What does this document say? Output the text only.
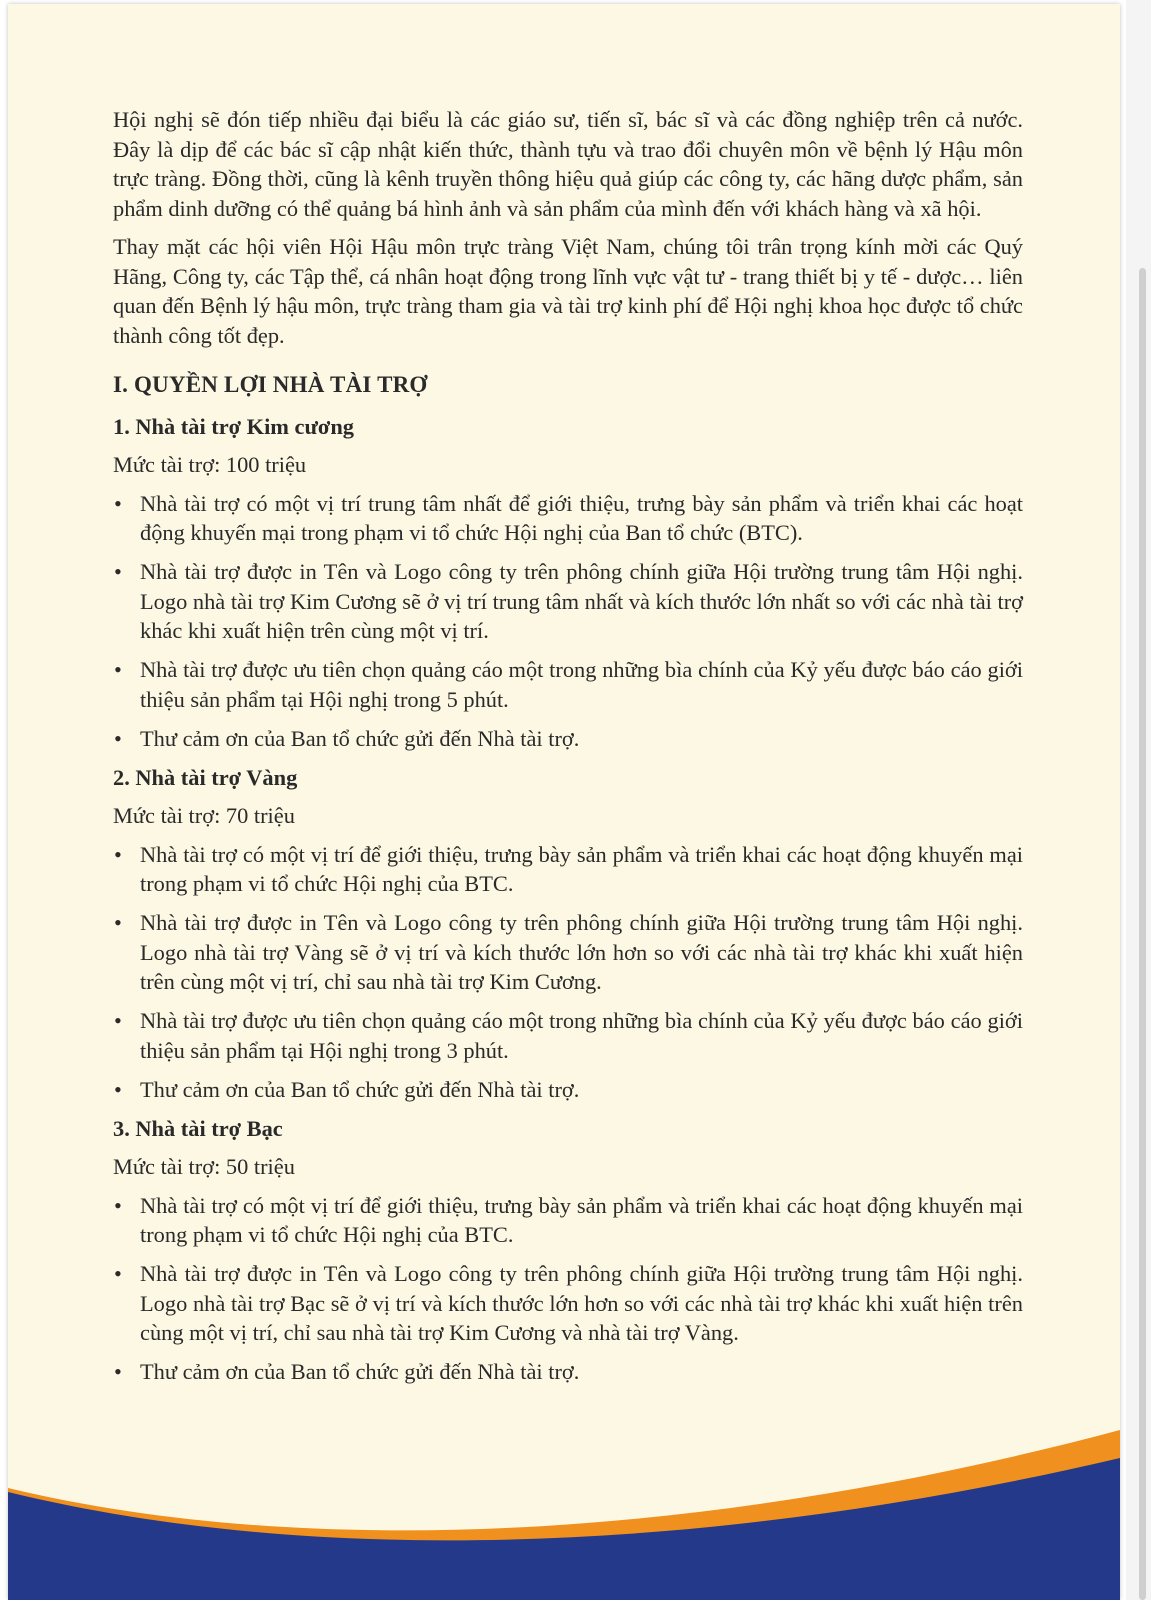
Hội nghị sẽ đón tiếp nhiều đại biểu là các giáo sư, tiến sĩ, bác sĩ và các đồng nghiệp trên cả nước. Đây là dịp để các bác sĩ cập nhật kiến thức, thành tựu và trao đổi chuyên môn về bệnh lý Hậu môn trực tràng. Đồng thời, cũng là kênh truyền thông hiệu quả giúp các công ty, các hãng dược phẩm, sản phẩm dinh dưỡng có thể quảng bá hình ảnh và sản phẩm của mình đến với khách hàng và xã hội.

Thay mặt các hội viên Hội Hậu môn trực tràng Việt Nam, chúng tôi trân trọng kính mời các Quý Hãng, Công ty, các Tập thể, cá nhân hoạt động trong lĩnh vực vật tư - trang thiết bị y tế - dược… liên quan đến Bệnh lý hậu môn, trực tràng tham gia và tài trợ kinh phí để Hội nghị khoa học được tổ chức thành công tốt đẹp.

I. QUYỀN LỢI NHÀ TÀI TRỢ
1. Nhà tài trợ Kim cương
Mức tài trợ: 100 triệu
• Nhà tài trợ có một vị trí trung tâm nhất để giới thiệu, trưng bày sản phẩm và triển khai các hoạt động khuyến mại trong phạm vi tổ chức Hội nghị của Ban tổ chức (BTC).
• Nhà tài trợ được in Tên và Logo công ty trên phông chính giữa Hội trường trung tâm Hội nghị. Logo nhà tài trợ Kim Cương sẽ ở vị trí trung tâm nhất và kích thước lớn nhất so với các nhà tài trợ khác khi xuất hiện trên cùng một vị trí.
• Nhà tài trợ được ưu tiên chọn quảng cáo một trong những bìa chính của Kỷ yếu được báo cáo giới thiệu sản phẩm tại Hội nghị trong 5 phút.
• Thư cảm ơn của Ban tổ chức gửi đến Nhà tài trợ.
2. Nhà tài trợ Vàng
Mức tài trợ: 70 triệu
• Nhà tài trợ có một vị trí để giới thiệu, trưng bày sản phẩm và triển khai các hoạt động khuyến mại trong phạm vi tổ chức Hội nghị của BTC.
• Nhà tài trợ được in Tên và Logo công ty trên phông chính giữa Hội trường trung tâm Hội nghị. Logo nhà tài trợ Vàng sẽ ở vị trí và kích thước lớn hơn so với các nhà tài trợ khác khi xuất hiện trên cùng một vị trí, chỉ sau nhà tài trợ Kim Cương.
• Nhà tài trợ được ưu tiên chọn quảng cáo một trong những bìa chính của Kỷ yếu được báo cáo giới thiệu sản phẩm tại Hội nghị trong 3 phút.
• Thư cảm ơn của Ban tổ chức gửi đến Nhà tài trợ.
3. Nhà tài trợ Bạc
Mức tài trợ: 50 triệu
• Nhà tài trợ có một vị trí để giới thiệu, trưng bày sản phẩm và triển khai các hoạt động khuyến mại trong phạm vi tổ chức Hội nghị của BTC.
• Nhà tài trợ được in Tên và Logo công ty trên phông chính giữa Hội trường trung tâm Hội nghị. Logo nhà tài trợ Bạc sẽ ở vị trí và kích thước lớn hơn so với các nhà tài trợ khác khi xuất hiện trên cùng một vị trí, chỉ sau nhà tài trợ Kim Cương và nhà tài trợ Vàng.
• Thư cảm ơn của Ban tổ chức gửi đến Nhà tài trợ.
